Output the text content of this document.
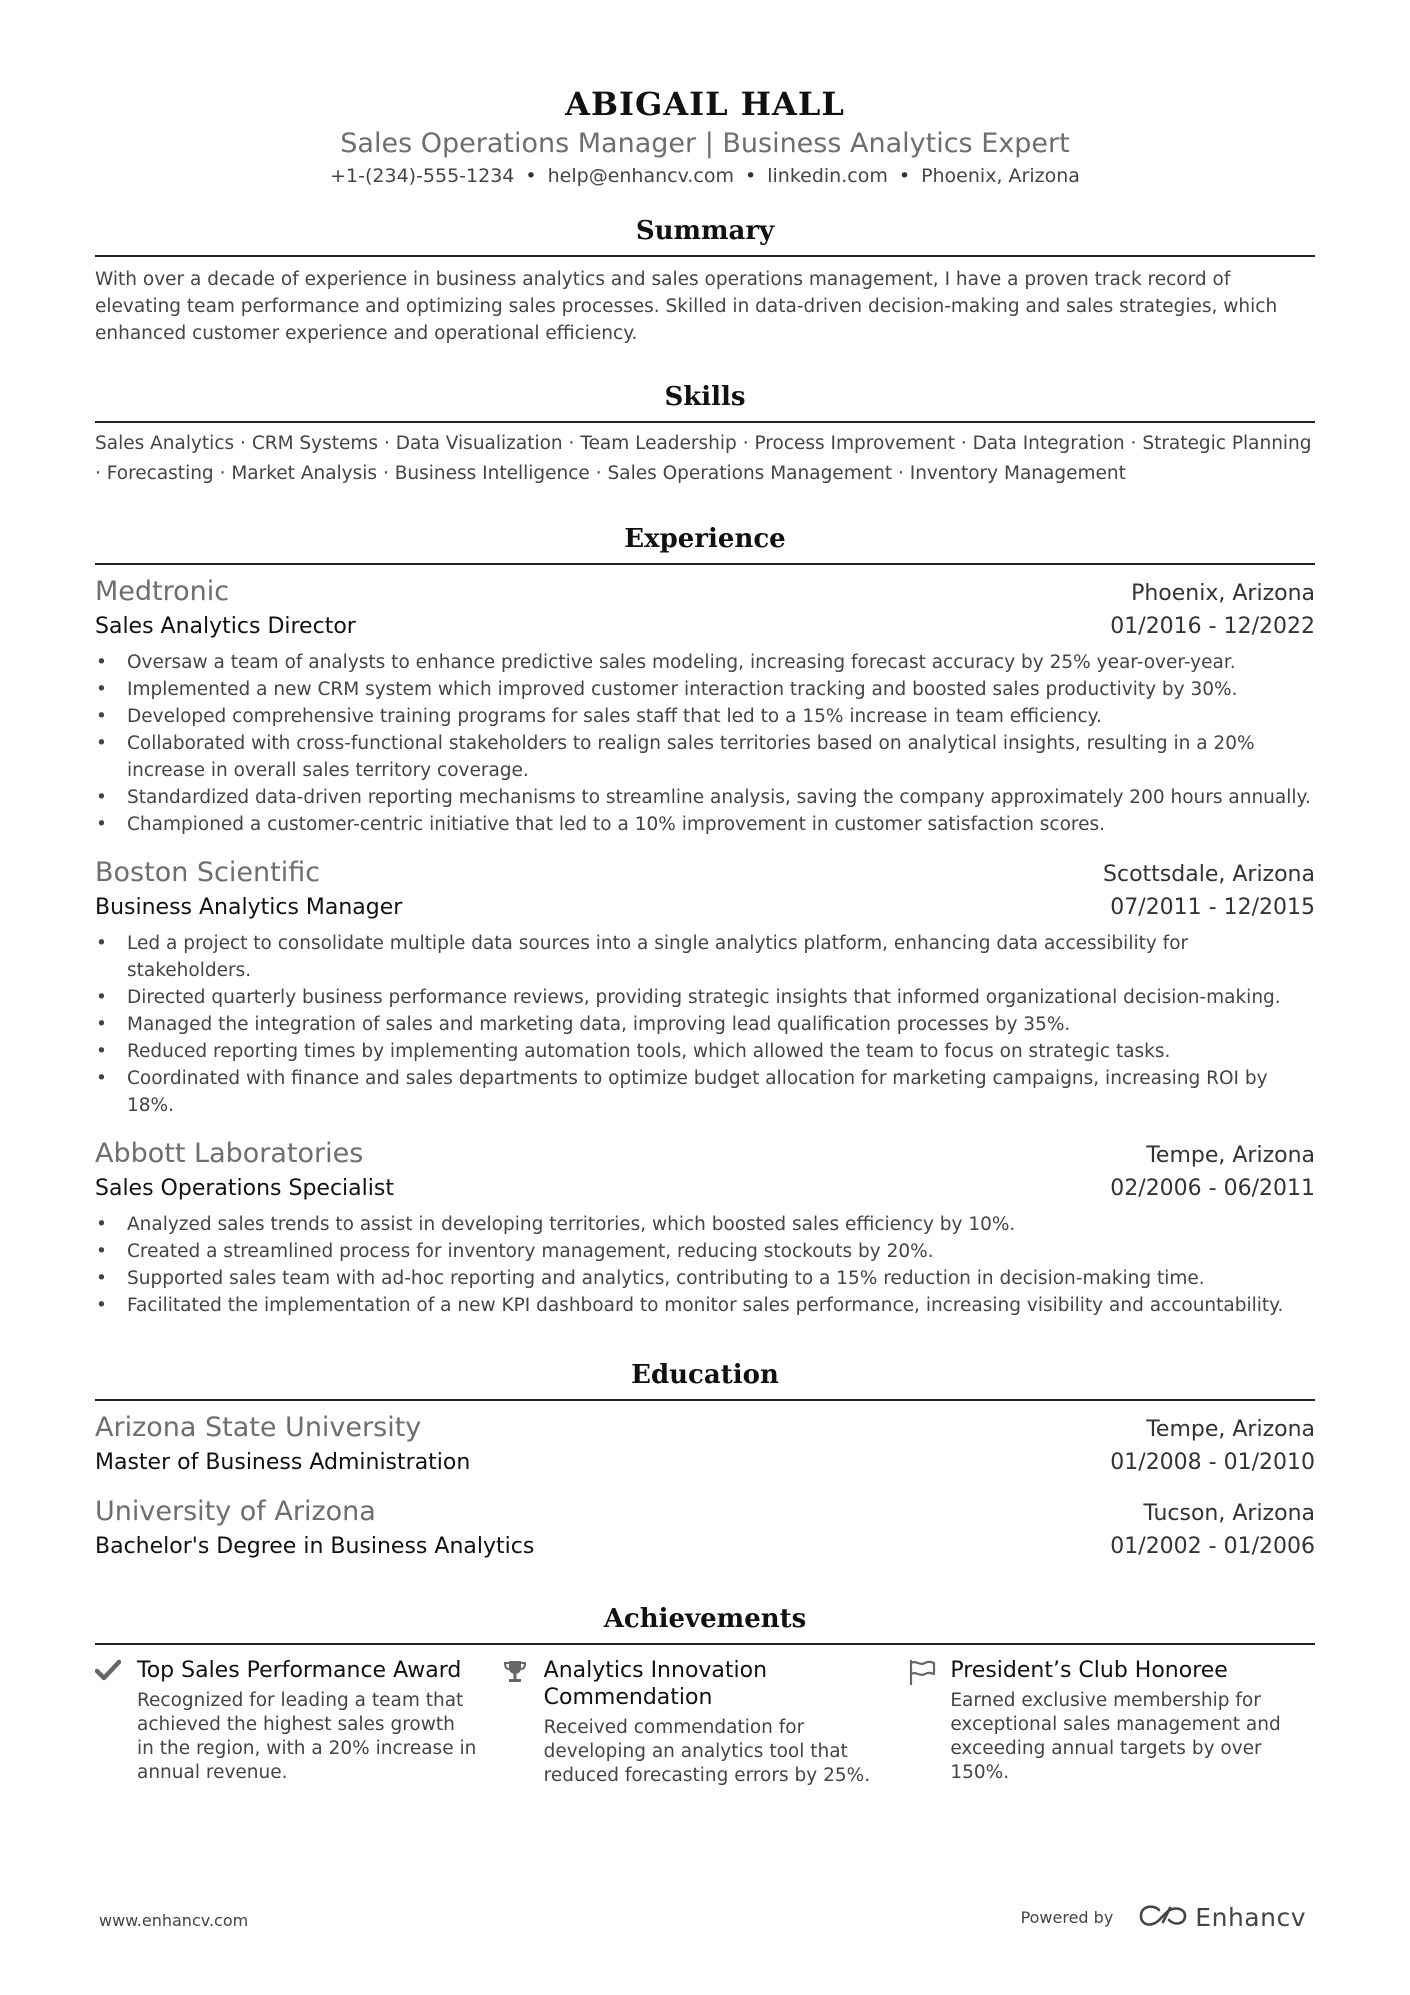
ABIGAIL HALL
Sales Operations Manager | Business Analytics Expert
+1-(234)-555-1234 • help@enhancv.com • linkedin.com • Phoenix, Arizona
Summary
With over a decade of experience in business analytics and sales operations management, I have a proven track record of elevating team performance and optimizing sales processes. Skilled in data-driven decision-making and sales strategies, which enhanced customer experience and operational efficiency.
Skills
Sales Analytics · CRM Systems · Data Visualization · Team Leadership · Process Improvement · Data Integration · Strategic Planning · Forecasting · Market Analysis · Business Intelligence · Sales Operations Management · Inventory Management
Experience
Medtronic	Phoenix, Arizona
Sales Analytics Director	01/2016 - 12/2022
• Oversaw a team of analysts to enhance predictive sales modeling, increasing forecast accuracy by 25% year-over-year.
• Implemented a new CRM system which improved customer interaction tracking and boosted sales productivity by 30%.
• Developed comprehensive training programs for sales staff that led to a 15% increase in team efficiency.
• Collaborated with cross-functional stakeholders to realign sales territories based on analytical insights, resulting in a 20% increase in overall sales territory coverage.
• Standardized data-driven reporting mechanisms to streamline analysis, saving the company approximately 200 hours annually.
• Championed a customer-centric initiative that led to a 10% improvement in customer satisfaction scores.
Boston Scientific	Scottsdale, Arizona
Business Analytics Manager	07/2011 - 12/2015
• Led a project to consolidate multiple data sources into a single analytics platform, enhancing data accessibility for stakeholders.
• Directed quarterly business performance reviews, providing strategic insights that informed organizational decision-making.
• Managed the integration of sales and marketing data, improving lead qualification processes by 35%.
• Reduced reporting times by implementing automation tools, which allowed the team to focus on strategic tasks.
• Coordinated with finance and sales departments to optimize budget allocation for marketing campaigns, increasing ROI by 18%.
Abbott Laboratories	Tempe, Arizona
Sales Operations Specialist	02/2006 - 06/2011
• Analyzed sales trends to assist in developing territories, which boosted sales efficiency by 10%.
• Created a streamlined process for inventory management, reducing stockouts by 20%.
• Supported sales team with ad-hoc reporting and analytics, contributing to a 15% reduction in decision-making time.
• Facilitated the implementation of a new KPI dashboard to monitor sales performance, increasing visibility and accountability.
Education
Arizona State University	Tempe, Arizona
Master of Business Administration	01/2008 - 01/2010
University of Arizona	Tucson, Arizona
Bachelor's Degree in Business Analytics	01/2002 - 01/2006
Achievements
Top Sales Performance Award
Recognized for leading a team that achieved the highest sales growth in the region, with a 20% increase in annual revenue.
Analytics Innovation Commendation
Received commendation for developing an analytics tool that reduced forecasting errors by 25%.
President’s Club Honoree
Earned exclusive membership for exceptional sales management and exceeding annual targets by over 150%.
www.enhancv.com	Powered by	Enhancv
